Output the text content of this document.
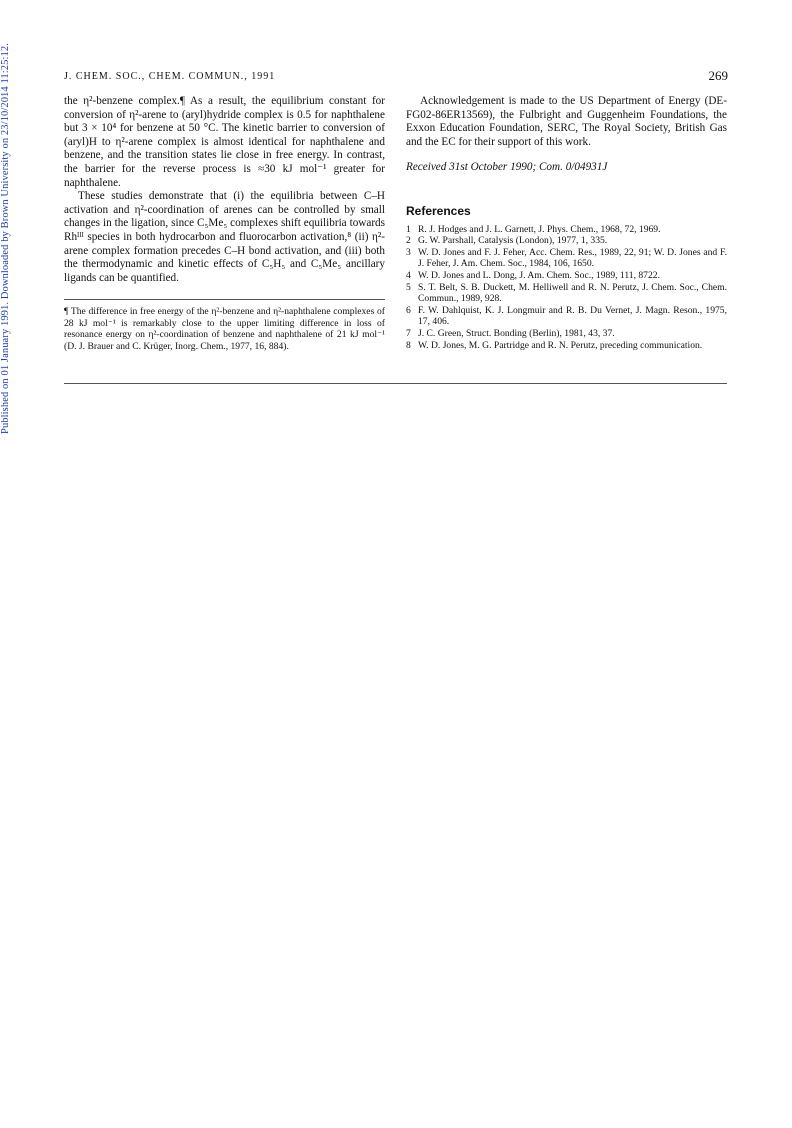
Published on 01 January 1991. Downloaded by Brown University on 23/10/2014 11:25:12.	J. CHEM. SOC., CHEM. COMMUN., 1991	269

the η²-benzene complex.¶ As a result, the equilibrium constant for conversion of η²-arene to (aryl)hydride complex is 0.5 for naphthalene but 3 × 10⁴ for benzene at 50 °C. The kinetic barrier to conversion of (aryl)H to η²-arene complex is almost identical for naphthalene and benzene, and the transition states lie close in free energy. In contrast, the barrier for the reverse process is ≈30 kJ mol⁻¹ greater for naphthalene.

These studies demonstrate that (i) the equilibria between C–H activation and η²-coordination of arenes can be controlled by small changes in the ligation, since C₅Me₅ complexes shift equilibria towards Rhᴵᴵᴵ species in both hydrocarbon and fluorocarbon activation,⁸ (ii) η²-arene complex formation precedes C–H bond activation, and (iii) both the thermodynamic and kinetic effects of C₅H₅ and C₅Me₅ ancillary ligands can be quantified.

¶ The difference in free energy of the η²-benzene and η²-naphthalene complexes of 28 kJ mol⁻¹ is remarkably close to the upper limiting difference in loss of resonance energy on η²-coordination of benzene and naphthalene of 21 kJ mol⁻¹ (D. J. Brauer and C. Krüger, Inorg. Chem., 1977, 16, 884).

Acknowledgement is made to the US Department of Energy (DE-FG02-86ER13569), the Fulbright and Guggenheim Foundations, the Exxon Education Foundation, SERC, The Royal Society, British Gas and the EC for their support of this work.

Received 31st October 1990; Com. 0/04931J

References
1 R. J. Hodges and J. L. Garnett, J. Phys. Chem., 1968, 72, 1969.
2 G. W. Parshall, Catalysis (London), 1977, 1, 335.
3 W. D. Jones and F. J. Feher, Acc. Chem. Res., 1989, 22, 91; W. D. Jones and F. J. Feher, J. Am. Chem. Soc., 1984, 106, 1650.
4 W. D. Jones and L. Dong, J. Am. Chem. Soc., 1989, 111, 8722.
5 S. T. Belt, S. B. Duckett, M. Helliwell and R. N. Perutz, J. Chem. Soc., Chem. Commun., 1989, 928.
6 F. W. Dahlquist, K. J. Longmuir and R. B. Du Vernet, J. Magn. Reson., 1975, 17, 406.
7 J. C. Green, Struct. Bonding (Berlin), 1981, 43, 37.
8 W. D. Jones, M. G. Partridge and R. N. Perutz, preceding communication.
